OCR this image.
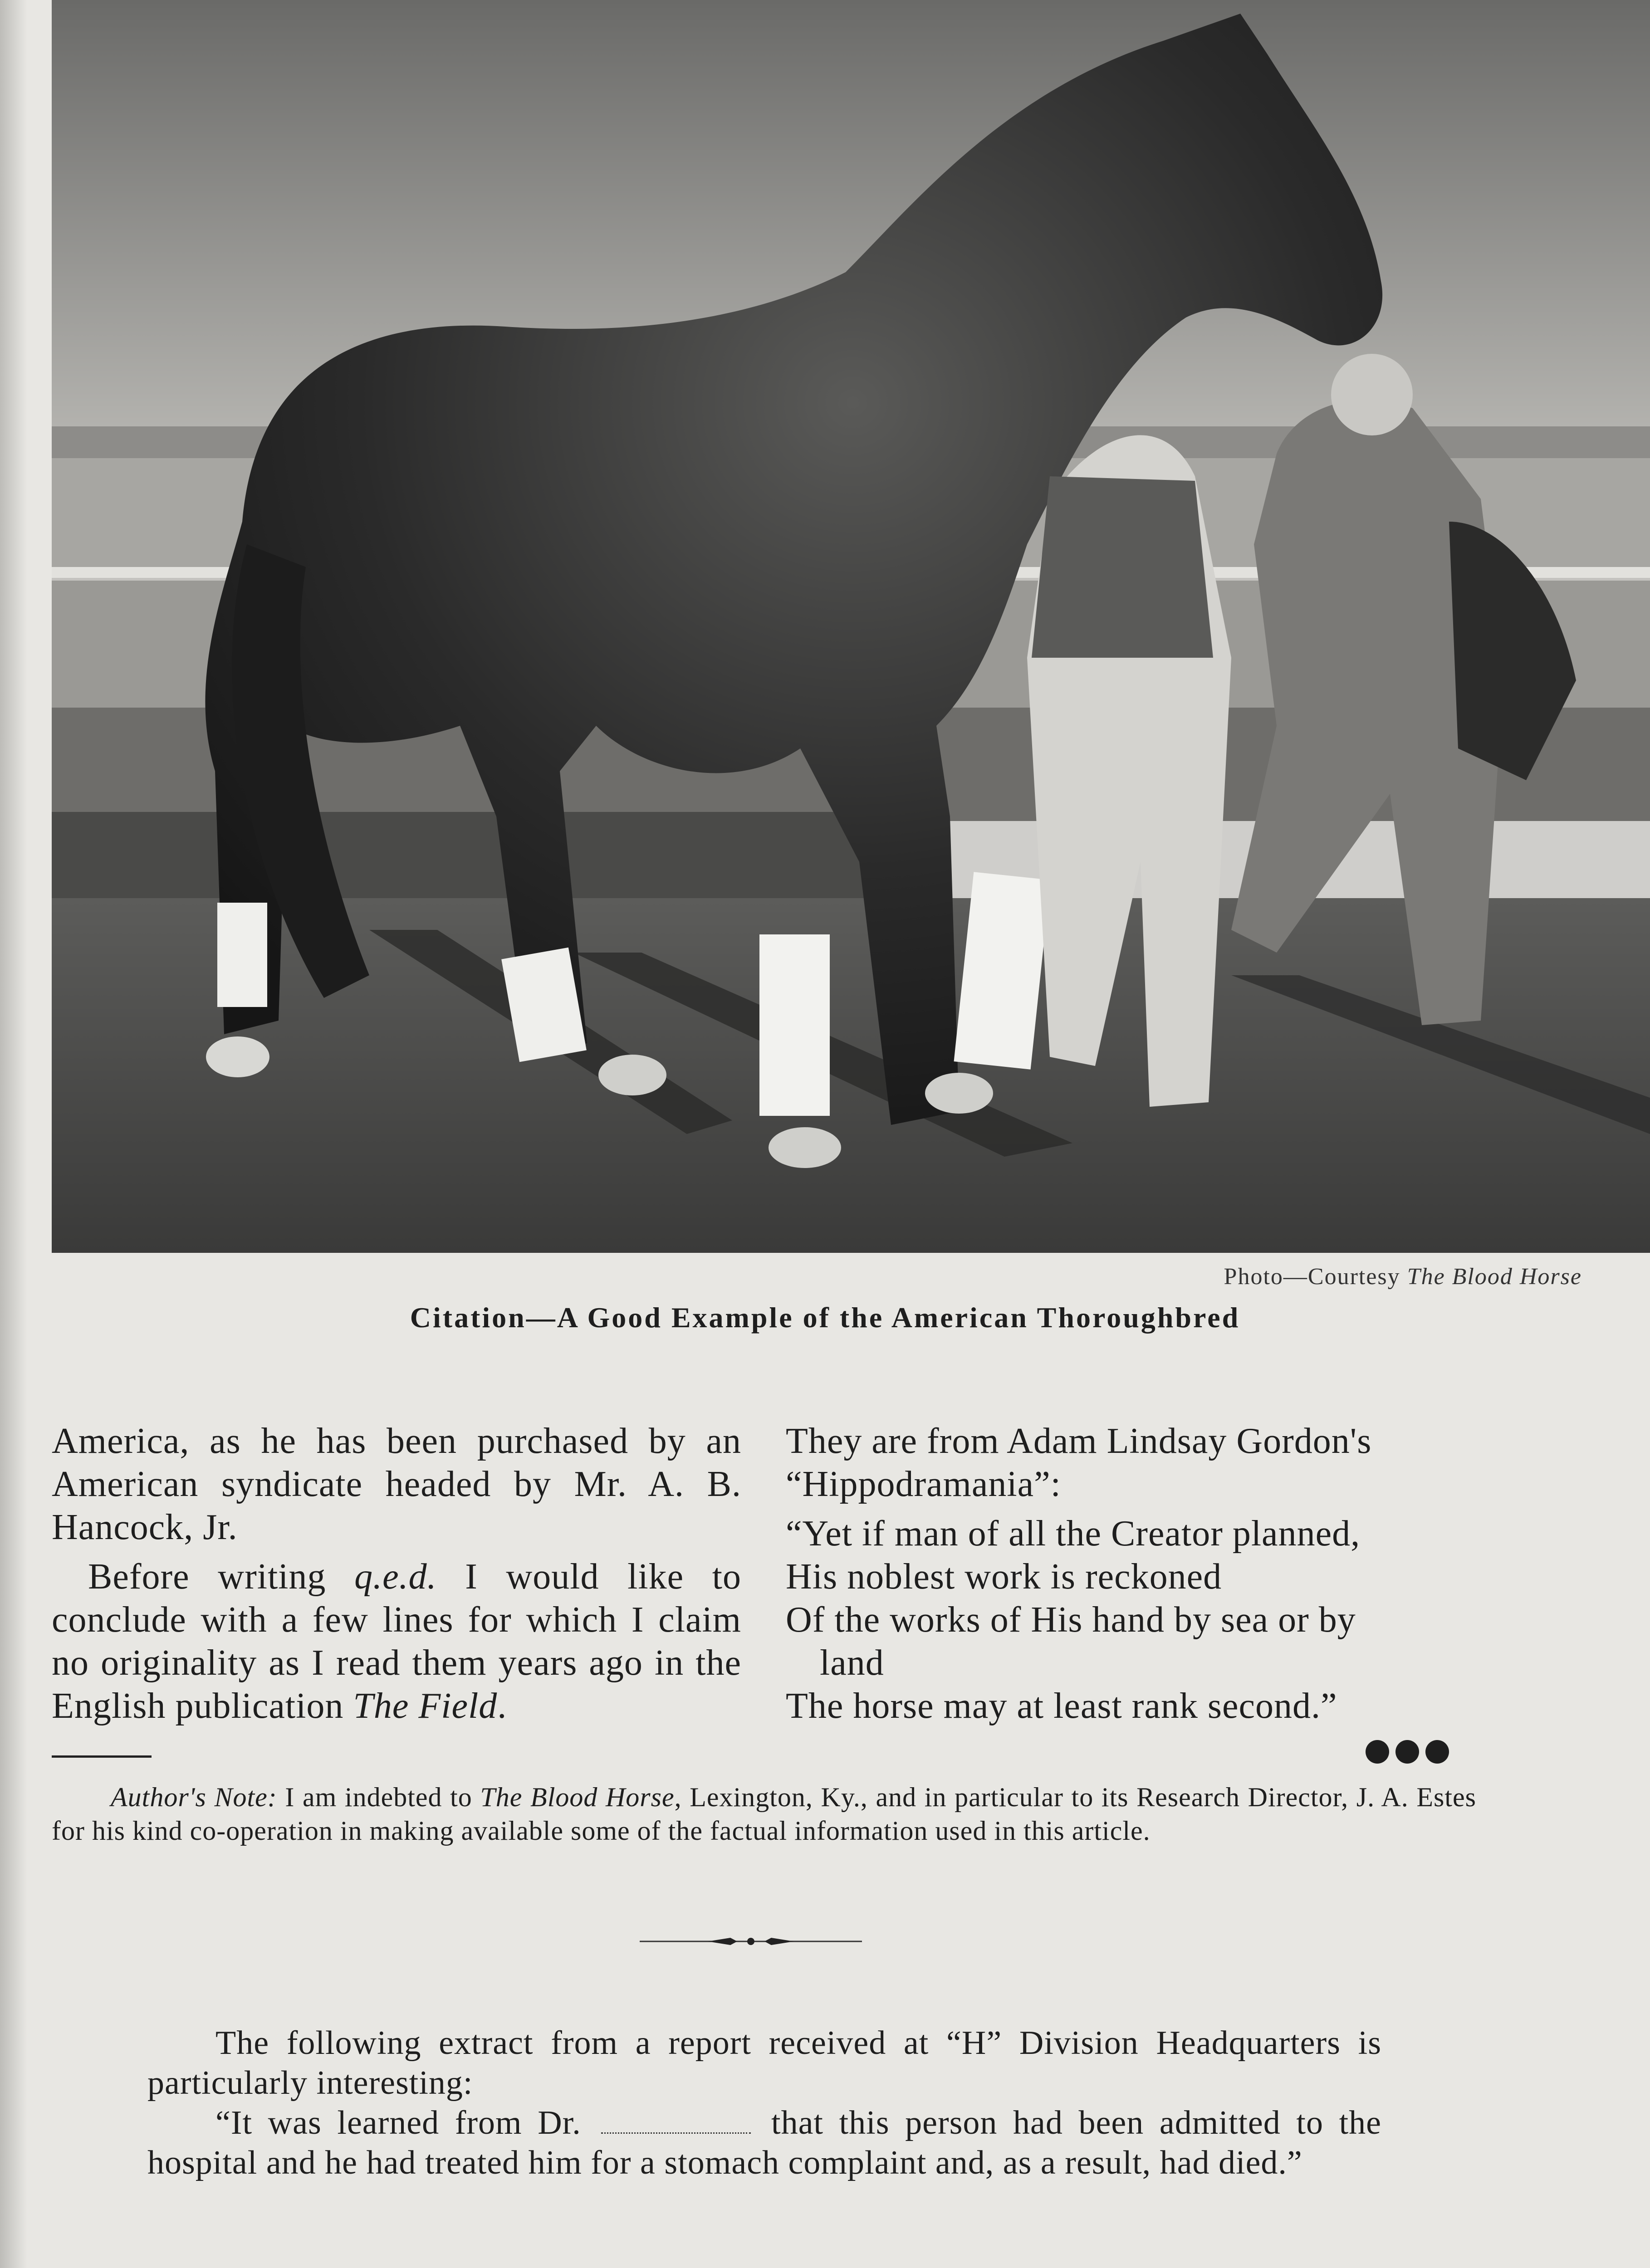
Photo—Courtesy The Blood Horse
Citation—A Good Example of the American Thoroughbred

America, as he has been purchased by an American syndicate headed by Mr. A. B. Hancock, Jr.

Before writing q.e.d. I would like to conclude with a few lines for which I claim no originality as I read them years ago in the English publication The Field.

They are from Adam Lindsay Gordon's “Hippodramania”:

“Yet if man of all the Creator planned,

His noblest work is reckoned

Of the works of His hand by sea or by

land

The horse may at least rank second.”

Author's Note: I am indebted to The Blood Horse, Lexington, Ky., and in particular to its Research Director, J. A. Estes for his kind co-operation in making available some of the factual information used in this article.

The following extract from a report received at “H” Division Headquarters is particularly interesting:

“It was learned from Dr.	that this person had been admitted to the hospital and he had treated him for a stomach complaint and, as a result, had died.”
